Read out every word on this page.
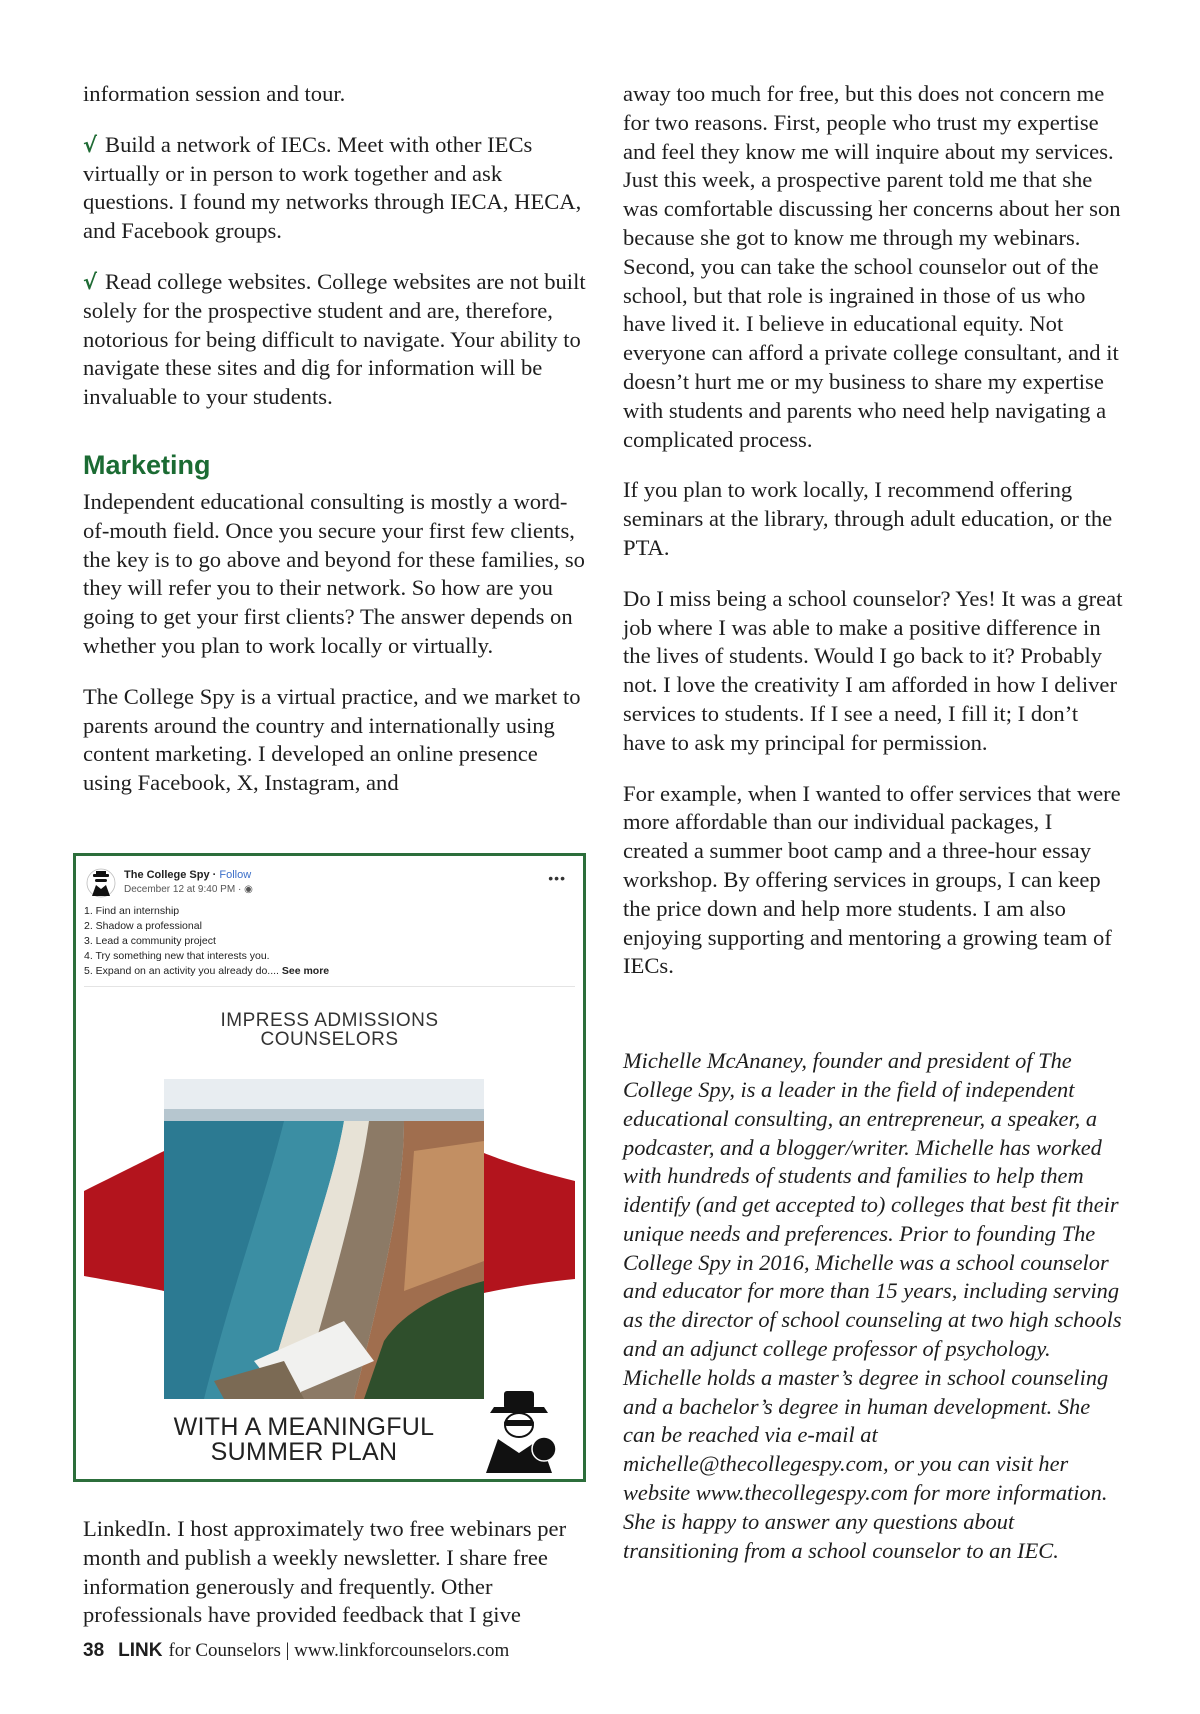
information session and tour.

√ Build a network of IECs. Meet with other IECs virtually or in person to work together and ask questions. I found my networks through IECA, HECA, and Facebook groups.

√ Read college websites. College websites are not built solely for the prospective student and are, therefore, notorious for being difficult to navigate. Your ability to navigate these sites and dig for information will be invaluable to your students.

Marketing

Independent educational consulting is mostly a word-of-mouth field. Once you secure your first few clients, the key is to go above and beyond for these families, so they will refer you to their network. So how are you going to get your first clients? The answer depends on whether you plan to work locally or virtually.

The College Spy is a virtual practice, and we market to parents around the country and internationally using content marketing. I developed an online presence using Facebook, X, Instagram, and

The College Spy · Follow
December 12 at 9:40 PM · ◉
•••
1. Find an internship
2. Shadow a professional
3. Lead a community project
4. Try something new that interests you.
5. Expand on an activity you already do.... See more
IMPRESS ADMISSIONS
COUNSELORS
WITH A MEANINGFUL
SUMMER PLAN

LinkedIn. I host approximately two free webinars per month and publish a weekly newsletter. I share free information generously and frequently. Other professionals have provided feedback that I give

away too much for free, but this does not concern me for two reasons. First, people who trust my expertise and feel they know me will inquire about my services. Just this week, a prospective parent told me that she was comfortable discussing her concerns about her son because she got to know me through my webinars. Second, you can take the school counselor out of the school, but that role is ingrained in those of us who have lived it. I believe in educational equity. Not everyone can afford a private college consultant, and it doesn’t hurt me or my business to share my expertise with students and parents who need help navigating a complicated process.

If you plan to work locally, I recommend offering seminars at the library, through adult education, or the PTA.

Do I miss being a school counselor? Yes! It was a great job where I was able to make a positive difference in the lives of students. Would I go back to it? Probably not. I love the creativity I am afforded in how I deliver services to students. If I see a need, I fill it; I don’t have to ask my principal for permission.

For example, when I wanted to offer services that were more affordable than our individual packages, I created a summer boot camp and a three-hour essay workshop. By offering services in groups, I can keep the price down and help more students. I am also enjoying supporting and mentoring a growing team of IECs.

Michelle McAnaney, founder and president of The College Spy, is a leader in the field of independent educational consulting, an entrepreneur, a speaker, a podcaster, and a blogger/writer. Michelle has worked with hundreds of students and families to help them identify (and get accepted to) colleges that best fit their unique needs and preferences. Prior to founding The College Spy in 2016, Michelle was a school counselor and educator for more than 15 years, including serving as the director of school counseling at two high schools and an adjunct college professor of psychology. Michelle holds a master’s degree in school counseling and a bachelor’s degree in human development. She can be reached via e-mail at michelle@thecollegespy.com, or you can visit her website www.thecollegespy.com for more information. She is happy to answer any questions about transitioning from a school counselor to an IEC.

38 LINK for Counselors | www.linkforcounselors.com
